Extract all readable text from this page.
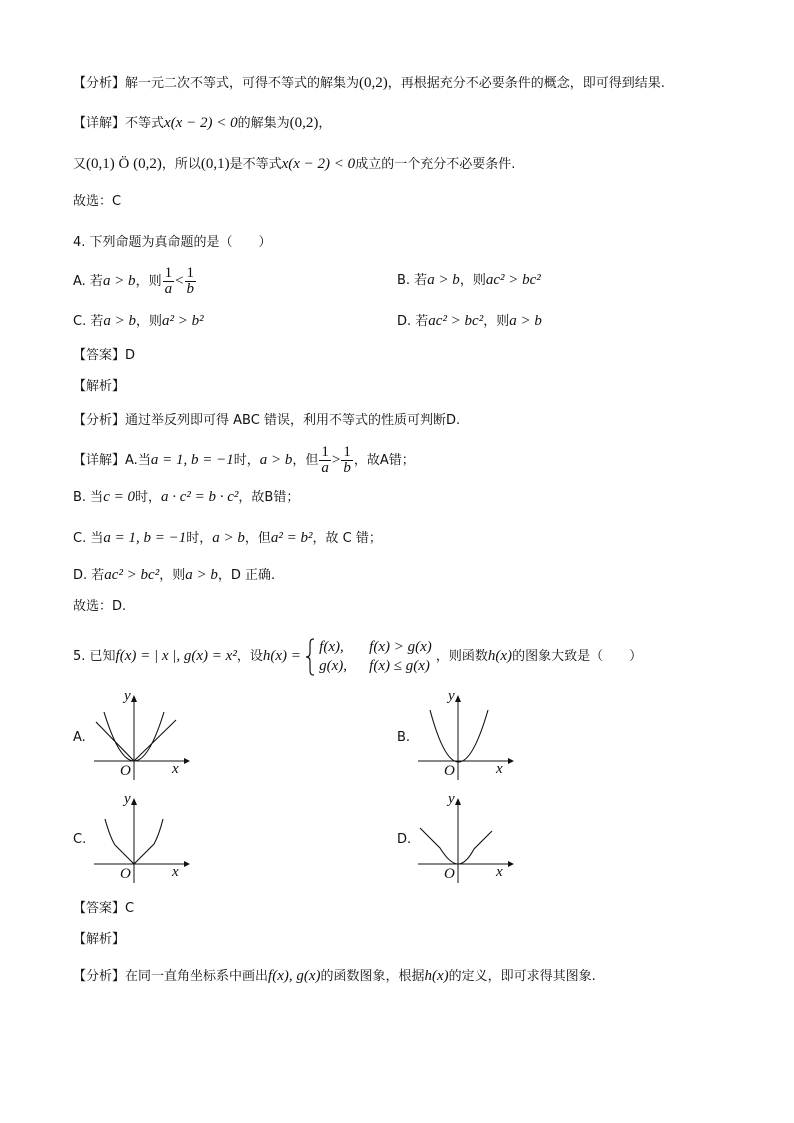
【分析】解一元二次不等式，可得不等式的解集为(0,2)，再根据充分不必要条件的概念，即可得到结果.
【详解】不等式x(x − 2) < 0的解集为(0,2)，
又(0,1) Ö (0,2)，所以(0,1)是不等式x(x − 2) < 0成立的一个充分不必要条件.
故选：C
4. 下列命题为真命题的是（　　）
A. 若a > b，则 $\frac{1}{a} < \frac{1}{b}$	B. 若a > b，则ac² > bc²
C. 若a > b，则a² > b²	D. 若ac² > bc²，则a > b
【答案】D
【解析】
【分析】通过举反列即可得 ABC 错误，利用不等式的性质可判断D.
【详解】A.当a = 1, b = −1时，a > b，但 $\frac{1}{a} > \frac{1}{b}$ ，故A错；
B. 当c = 0时，a · c² = b · c²，故B错；
C. 当a = 1, b = −1时，a > b，但a² = b²，故 C 错；
D. 若ac² > bc²，则a > b，D 正确.
故选：D.
5. 已知f(x) = | x |, g(x) = x²，设h(x) =
f(x), f(x) > g(x)
g(x), f(x) ≤ g(x)
，则函数h(x)的图象大致是（　　）
A.
y
O	x
B.
y
O	x
C.
y
O	x
D.
y
O	x
【答案】C
【解析】
【分析】在同一直角坐标系中画出f(x), g(x)的函数图象，根据h(x)的定义，即可求得其图象.
